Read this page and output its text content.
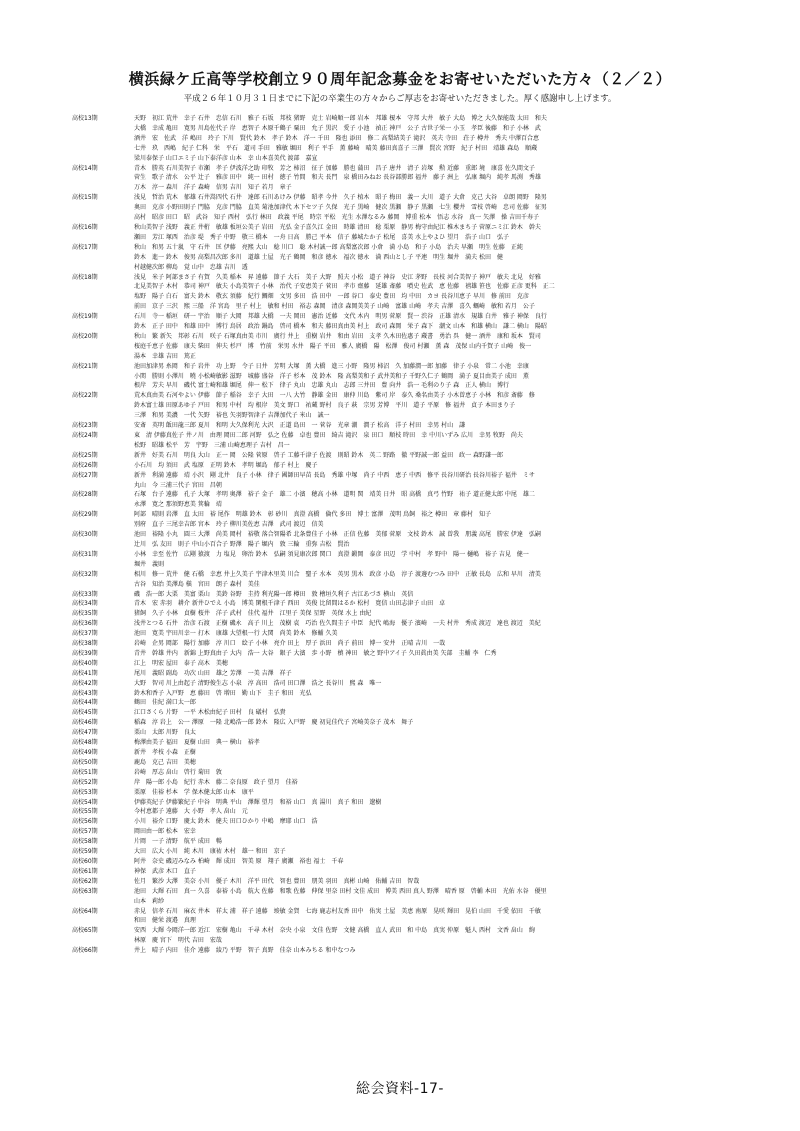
横浜緑ケ丘高等学校創立９０周年記念募金をお寄せいただいた方々（２／２）
平成２６年１０月３１日までに下記の卒業生の方々からご厚志をお寄せいただきました。厚く感謝申し上げます。
高校13期	天野　初江 荒井　幸子 石井　忠信 石川　雅子 石坂　邦枝 猪野　克士 岩崎順一郎 岩本　邦雄 榎本　守邦 大井　敏子 大島　博之 大久保能哉 太田　和夫
大橋　幸成 亀田　寛男 川島佐代子 岸　恵智子 木原千鶴子 粟田　允子 黒沢　愛子 小池　禎正 神戸　公子 古世子栄一 小玉　孝臣 後藤　和子 小林　武
酒井　宏　佐武　洋 嶋田　玲子 下川　賢代 鈴木　孝子 鈴木　洋一 千田　隆也 添田　修二 高梨結美子 滝沢　英夫 寺田　荘子 樽井　秀夫 中澤百合恵
七井　玖　西嶋　紀子 仁科　栄　平石　道司 手田　雅敏 堀田　利子 平手　薫 藤崎　晴美 藤田真喜子 三澤　賢次 宮野　紀子 村田　靖雄 森島　順蔵
梁川泰保子 山口エミ子 山下泰洋彦 山本　幸 山本喜美代 渡部　嘉宣
高校14期	青木　勝英 石川美智子 市瀬　孝子 伊波洋之助 印牧　芳之 柿沼　征子 加藤　勝也 蒲田　昌子 唐井　清子 岩塚　勲 近藤　重郎 境　康喜 佐久間文子
菅生　歌子 清水　公平 辻子　雅彦 田中　純一 田村　徳子 竹間　和夫 長門　泉 橋田みねお 長谷部勝郎 福井　藤子 洲上　弘康 堀内　純孝 馬渕　秀雄
万木　淳一 森川　洋子 森崎　信男 吉川　知子 若月　章子
高校15期	浅見　哲治 荒木　郁雄 石井嵩四代 石井　達郎 石川あけみ 伊藤　昭孝 今井　久子 植木　昭子 梅田　義一 大川　道子 大倉　克己 大谷　卓朗 岡野　隆男
奥田　克彦 小野田則子 門脇　克彦 門脇　直美 菊池加津代 木下セツ子 久保　光子 黒崎　健次 黒瀬　静子 黒瀬　七生 櫻井　雪枝 啓崎　忠司 佐藤　征男
高村　昭彦 田口　昭　武谷　知子 西村　弘行 林田　政義 平尾　時宗 平松　光生 水澤なるみ 藤岡　博重 松本　悟志 水谷　真一 矢澤　操 吉田千寿子
高校16期	秋山美智子 浅野　義正 井桁　敏雄 板垣公美子 岩田　光弘 金子喜久江 金田　時雄 清田　稔 栗原　静男 梅守由紀江 椎木まち子 菅原ニミ江 鈴木　幹夫
瀬田　芳江 塚西　治彦 堤　秀子 中野　敬三 橋本　一舟 日高　勝己 平本　信子 藤城たか子 松尾　喜美 水上やよひ 望月　浩子 山口　弘子
高校17期	秋山　和男 五十嵐　守 石井　匡 伊藤　亮熙 大山　稔 川口　聡 木村誠一郎 高梨富次郎 小倉　満 小島　和子 小島　治夫 早瀬　明生 佐藤　正純
鈴木　進一 鈴木　俊男 高梨昌次郎 多川　道雄 土屋　光子 鶴岡　和彦 徳永　福次 徳永　満 西山とし子 平連　明生 堀井　満夫 松田　健
村越健次郎 柳島　覚 山中　忠雄 吉川　透
高校18期	浅見　米子 阿部まさ子 有賀　久美 稲本　昇 遠藤　節子 大石　美子 大野　照夫 小松　道子 神谷　史江 茅野　長枝 河合美智子 神戸　敏夫 北見　好雅
北見美智子 木村　恭司 神戸　敏夫 小島美智子 小林　治代 子安恵美子 菅田　孝市 齋藤　延雄 斎藤　噴史 佐武　恵 佐藤　禧雄 笹也　佐藤 正彦 更科　正二
塩野　陽子 白石　富夫 鈴木　敬玄 須藤　紀行 鯛畑　文男 多田　浩 田中　一郎 谷口　泰史 豊田　均 中田　カヨ 長谷川恵子 早川　修 前田　克彦
前田　京子 三沢　熙 三船　洋 宮島　里子 村上　敏和 村田　裕志 森岡　清彦 森岡美美子 山崎　富雄 山崎　孝夫 吉澤　喜久 蠣崎　敏和 若月　公子
高校19期	石川　寺一 稲垣　研一 宇治　順子 大岡　邦雄 大橋　一夫 岡田　憲治 近藤　文代 木内　明男 菅原　賢一 渋谷　正雄 清水　規雄 白井　雅子 神保　良行
鈴木　正子 田中　和雄 田中　博行 鳥居　政治 鍋島　啓司 橋本　和夫 藤田真由美 村上　政司 森岡　栄子 森下　潮文 山本　和雄 横山　謙二 横山　陽昭
高校20期	秋山　繁 新矢　邦彰 石川　咲子 石塚真由美 市川　廣行 井上　重樹 岩井　和由 岩田　支孝 久木田佐惠子 蔵書　勇治 呉　健一 酒井　康和 坂本　賢司
桜庭千恵子 佐藤　康夫 柴田　伸夫 杉戸　博　竹前　栄男 水井　陽子 平田　雅人 廣橋　陽　松澤　俊司 村瀬　薫 森　茂保 山内千賀子 山崎　俊一
湯本　幸雄 吉田　篤正
高校21期	池田加津男 糸岡　和子 岩井　功 上野　令子 日井　芳明 大塚　薫 大橋　進三 小野　隆男 柿沼　久 加藤潤一郎 加藤　律子 小泉　常二 小池　幸康
小関　勝則 小澤川　曉 小松崎敏影 滋野　城藤 盛谷　洋子 杉本　茂 鈴木　隆 高梨美和子 武井美和子 千野久仁子 鶴岡　満子 夏目由美子 成田　薫
根岸　芳夫 早川　磯代 富士崎和雄 堀尾　伸一 松下　律子 丸山　忠雄 丸山　志郎 三井田　豊 向井　浩一 毛利のり子 森　正人 横山　博行
高校22期	荒木真由美 石河やよい 伊藤　節子 稲谷　幸子 大田　一八 大竹　静雄 金田　康仲 川島　紫司 岸　泰久 桑名由美子 小木曽恵子 小林　和彦 斎藤　修
鈴木富士雄 田原あゆ子 戸田　和男 中村　均 根岸　美文 野口　祐蔵 野村　良子 萩　宗男 芳博　平川　道子 平原　修 福井　貞子 本田まり子
三澤　和男 美濃　一代 矢野　裕也 矢羽野智津子 吉澤加代子 米山　誠一
高校23期	安斎　英明 飯田龍三郎 夏川　和明 大久保利光 大沢　正道 島田　一 菅谷　光章 潮　潤子 松高　洋子 村田　幸男 村山　謙
高校24期	東　清 伊藤真佐子 井ノ川　由理 岡田二郎 河野　弘之 佐藤　卓也 豊田　綺吉 滝沢　泉 田口　順枝 時田　幸 中川いずみ 広川　幸男 牧野　尚夫
松野　昭雄 松平　芳　宇野　三浦 山崎恵理子 吉村　昌一
高校25期	新井　好美 石川　明良 大山　正一 岡　公隆 菅原　啓子 工藤千津子 佐渡　則昭 鈴木　英二 野路　徹 平野誠一郎 益田　政一 森野謙一郎
高校26期	小石川　均 須田　武 塩原　正明 鈴木　孝明 堀島　郁子 村上　慶子
高校27期	新井　利満 遠藤　靖 小沢　剛 北井　良子 小林　律子 國師田早苗 長島　秀雄 中塚　尚子 中西　恵子 中西　修平 長谷川研治 長谷川裕子 福井　ミサ
丸山　今 三浦三代子 宮田　昌朝
高校28期	石塚　台子 遠藤　孔子 大塚　孝明 奥澤　裕子 金子　雄二 小濱　穂高 小林　道明 関　靖美 日井　昭 高橋　真弓 竹野　祐子 道正健太郎 中尾　雄二
永澤　寛之 那須野恵美 箕輪　靖
高校29期	阿部　晴則 岩澤　直 太田　裕 尾作　明雄 鈴木　彰 砂川　真澄 高橋　倫代 多田　博士 富澤　茂明 鳥飼　裕之 樽田　章 藤村　知子
別府　直子 三尾幸吉郎 宮本　玲子 柳川美佐恵 吉澤　武司 渡辺　信美
高校30期	池田　裕隆 小丸　圓三 大澤　尚美 岡村　裕敬 落合智陽希 北条豊佳子 小林　正信 佐藤　美郁 菅原　文枝 鈴木　誠 曽我　朋義 高尾　勝宏 伊達　弘嗣
辻川　弘 友田　則子 中山小百合子 野澤　陽子 堀内　敦 三輪　重弥 吉松　賢治
高校31期	小林　幸至 佐竹　広剛 猿渡　力 塩見　卵治 鈴木　弘嗣 須見康次郎 関口　真澄 鍛岡　泰彦 田辺　学 中村　孝 野中　陽一 樋嶋　裕子 吉見　健一
堀井　義則
高校32期	相川　修一 荒井　健 石橋　幸恵 井上久美子 宇津木里美 川合　聖子 水本　英男 黒木　政彦 小島　淳子 渡邊むつみ 田中　正敏 長島　広和 早川　清美
古谷　知治 美澤島 槇　宮田　朗子 森村　美佳
高校33期	磯　浩一郎 大栗　美富 栗山　美鈴 谷野　圭持 利光陽一郎 樽田　敦 檜垣久利子 古江あづさ 横山　英信
高校34期	青木　宏 赤羽　耕介 新井ひでえ 小島　博美 閑根千津子 西田　英俊 比留間はるか 松村　寛信 山田志津子 山田　卓
高校35期	猪飼　久子 小林　貞樹 桜井　洋子 武村　佳代 福井　江里子 美保 星野　英保 水上 由紀
高校36期	浅井とつる 石井　治彦 石渡　正樹 磯永　高子 川上　茂樹 袁　巧治 佐久間圭子 中臣　紀代 嶋海　優子 濱崎　一夫 村井　秀成 渡辺　達也 渡辺　美紀
高校37期	池田　寛美 宇田川幸一 打木　康雄 大望根一行 大関　尚美 鈴木　修輔 久美
高校38期	岩崎　企男 岡部　陽行 加藤　淳 川口　絵子 小林　亮介 田上　厚子 浜田　尚子 前田　博一 安井　正晴 吉川　一哉
高校39期	青井　幹雄 井内　新錦 上野真由子 大内　浩一 大谷　銀子 大濱　歩 小野　槙 神田　敏之 野中アイ子 久田眞由美 矢部　圭輔 李　仁秀
高校40期	江上　明宏 屋田　泰子 高木　美穂
高校41期	尾川　義昭 副島　功次 山田　雄之 芳澤　一美 吉澤　祥子
高校42期	大野　智司 川上由起子 清野俊生志 小泉　淳 高田　浩司 田口澤　浩之 長谷川　熙 森　唯一
高校43期	鈴木和香子 入戸野　恵 藤田　啓 増田　勤 山下　圭子 和田　光弘
高校44期	鶴田　佳紀 満口太一郎
高校45期	江口さくら 片野　一平 木松由紀子 田村　良 礒村　弘貴
高校46期	稲森　淳 岩上　公一 澤原　一隆 北嶋浩一郎 鈴木　隆広 入戸野　慶 初見佳代子 宮崎美奈子 茂木　舞子
高校47期	栗山　太郎 川野　良太
高校48期	梅澤由美子 福田　夏樹 山田　典一 横山　裕孝
高校49期	新井　孝枝 小森　正樹
高校50期	鹿島　克己 吉田　美穂
高校51期	岩崎　厚志 畠山　啓行 菊田　敦
高校52期	岸　陽一郎 小島　紀行 赤木　藤二 奈良原　政子 望月　佳裕
高校53期	栗原　佳裕 杉本　学 保木健太郎 山本　康平
高校54期	伊藤英紀子 伊藤繁紀子 中谷　明典 平山　澤輝 望月　和裕 山口　真 湯川　真子 和田　遼樹
高校55期	今村恵都子 遠藤　大 小野　孝人 畠山　元
高校56期	小川　裕介 口野　慶太 鈴木　健夫 田口ひかり 中嶋　摩耶 山口　浩
高校57期	岡田由一郎 松本　宏幸
高校58期	片岡　一子 清野　航平 成田　暢
高校59期	大田　広大 小川　純 木川　康祐 木村　雄一 和田　京子
高校60期	阿井　奈史 磯辺みなみ 柏崎　輝 成田　智美 原　翔子 廣瀬　裕也 福士　千春
高校61期	神保　武彦 木口　直子
高校62期	佐月　繁沙 大澤　美奈 小川　優子 木川　洋平 田代　智也 豊田　朋美 羽田　真彬 山崎　佑輔 吉田　智哉
高校63期	池田　大輝 石田　真一 久喜　泰裕 小島　航大 佐藤　和歌 佐藤　伸保 里奈 田村 文佳 成田　博美 西田 真人 野澤　晴香 原　啓輔 本田　光佑 水谷　優里
山本　莉紗
高校64期	赤見　信孝 石川　麻衣 井本　祥太 浦　祥子 遠藤　竣敏 金賀　七海 鹿志村友香 田中　佑実 土屋　美恵 南原　晃咲 輝田　晃伯 山田　千愛 依田　千敏
和田　健栄 渡邉　真理
高校65期	安西　大輝 今岡洋一郎 近江　宏樹 亀山　千尋 木村　奈央 小泉　文佳 佐野　文健 高橋　直人 武田　和 中島　真実 仲原　魁人 西村　文香 畠山　絢
林原　慶 宮下　明代 吉田　宏哉
高校66期	井上　晴子 内田　佳介 遠藤　綾乃 平野　智子 真野　佳奈 山本みちる 和中なつみ
総会資料-17-
